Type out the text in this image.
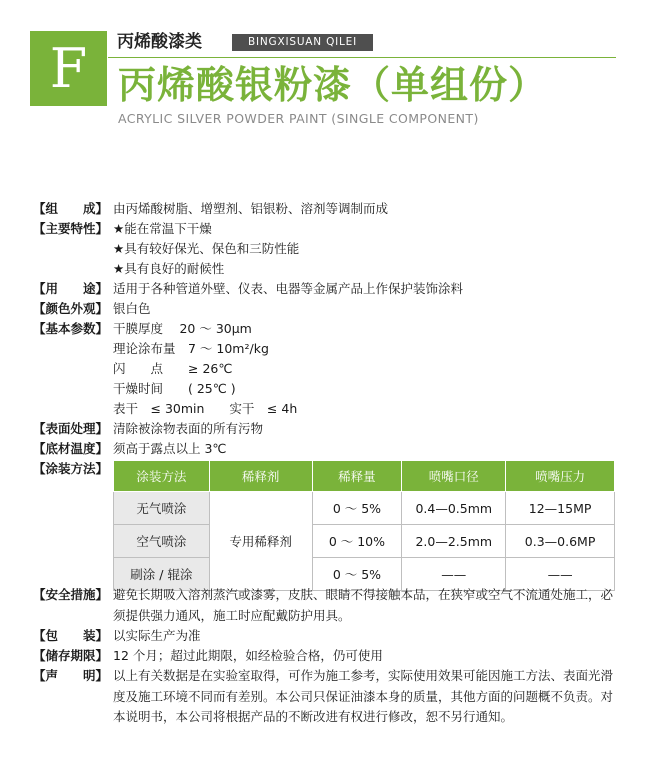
F	丙烯酸漆类	BINGXISUAN QILEI
丙烯酸银粉漆（单组份）
ACRYLIC SILVER POWDER PAINT (SINGLE COMPONENT)
【组　　成】 由丙烯酸树脂、增塑剂、铝银粉、溶剂等调制而成
【主要特性】 ★能在常温下干燥
★具有较好保光、保色和三防性能
★具有良好的耐候性
【用　　途】 适用于各种管道外壁、仪表、电器等金属产品上作保护装饰涂料
【颜色外观】 银白色
【基本参数】 干膜厚度　 20 ～ 30μm
理论涂布量　7 ～ 10m²/kg
闪　　点　　≥ 26℃
干燥时间　　( 25℃ )
表干　≤ 30min　　实干　≤ 4h
【表面处理】 清除被涂物表面的所有污物
【底材温度】 须高于露点以上 3℃
【涂装方法】
涂装方法	稀释剂	稀释量	喷嘴口径	喷嘴压力
无气喷涂	专用稀释剂	0 ～ 5%	0.4—0.5mm	12—15MP
空气喷涂		0 ～ 10%	2.0—2.5mm	0.3—0.6MP
刷涂 / 辊涂		0 ～ 5%	——	——
【安全措施】 避免长期吸入溶剂蒸汽或漆雾，皮肤、眼睛不得接触本品，在狭窄或空气不流通处施工，必须提供强力通风，施工时应配戴防护用具。
【包　　装】 以实际生产为准
【储存期限】 12 个月；超过此期限，如经检验合格，仍可使用
【声　　明】 以上有关数据是在实验室取得，可作为施工参考，实际使用效果可能因施工方法、表面光滑度及施工环境不同而有差别。本公司只保证油漆本身的质量，其他方面的问题概不负责。对本说明书，本公司将根据产品的不断改进有权进行修改，恕不另行通知。
